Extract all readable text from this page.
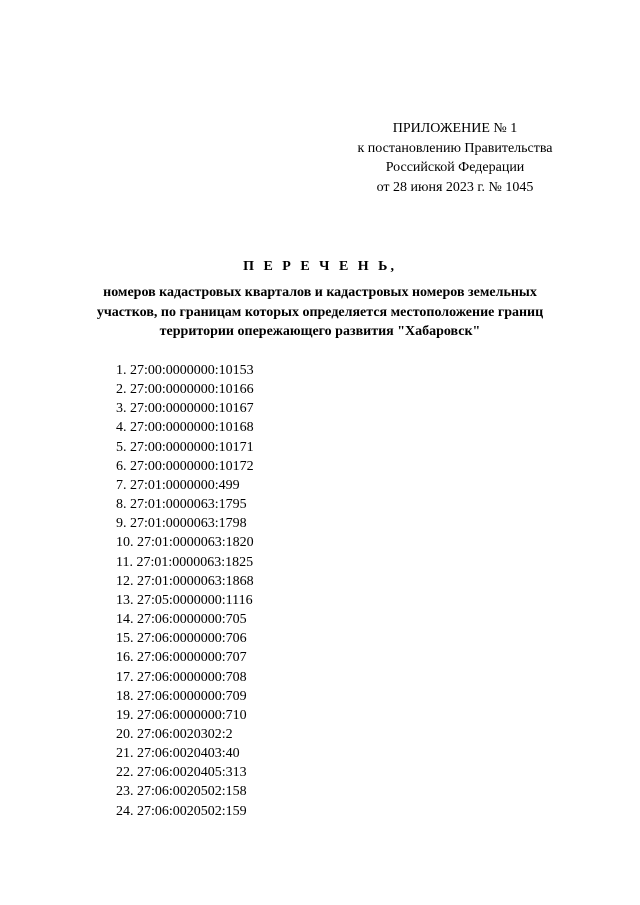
ПРИЛОЖЕНИЕ № 1
к постановлению Правительства
Российской Федерации
от 28 июня 2023 г. № 1045
П Е Р Е Ч Е Н Ь,
номеров кадастровых кварталов и кадастровых номеров земельных
участков, по границам которых определяется местоположение границ
территории опережающего развития "Хабаровск"
1. 27:00:0000000:10153
2. 27:00:0000000:10166
3. 27:00:0000000:10167
4. 27:00:0000000:10168
5. 27:00:0000000:10171
6. 27:00:0000000:10172
7. 27:01:0000000:499
8. 27:01:0000063:1795
9. 27:01:0000063:1798
10. 27:01:0000063:1820
11. 27:01:0000063:1825
12. 27:01:0000063:1868
13. 27:05:0000000:1116
14. 27:06:0000000:705
15. 27:06:0000000:706
16. 27:06:0000000:707
17. 27:06:0000000:708
18. 27:06:0000000:709
19. 27:06:0000000:710
20. 27:06:0020302:2
21. 27:06:0020403:40
22. 27:06:0020405:313
23. 27:06:0020502:158
24. 27:06:0020502:159
